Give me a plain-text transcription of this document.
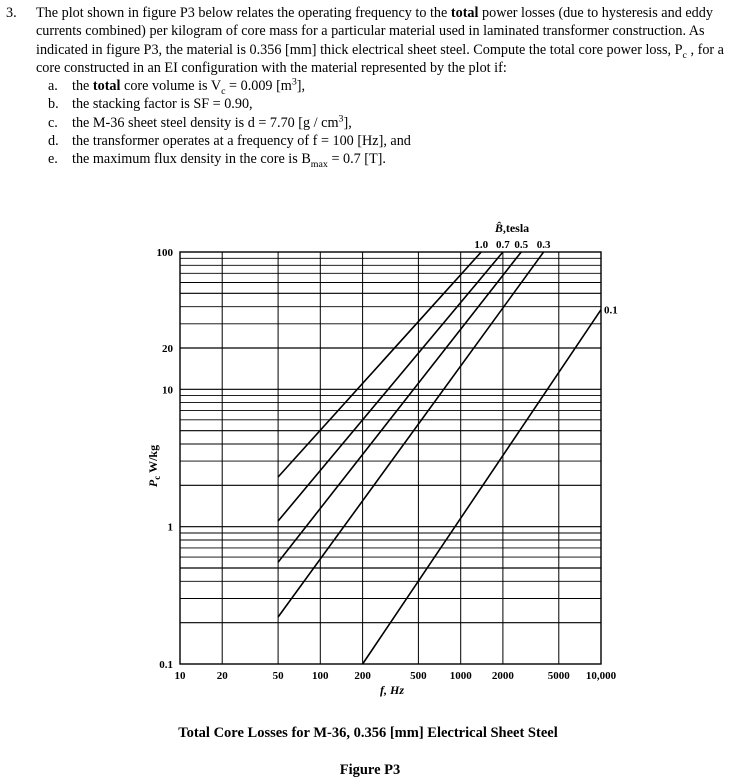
3. The plot shown in figure P3 below relates the operating frequency to the total power losses (due to hysteresis and eddy currents combined) per kilogram of core mass for a particular material used in laminated transformer construction. As indicated in figure P3, the material is 0.356 [mm] thick electrical sheet steel. Compute the total core power loss, $P_c$ , for a core constructed in an EI configuration with the material represented by the plot if:
a. the total core volume is $V_c = 0.009$ $[m^3]$,
b. the stacking factor is SF = 0.90,
c. the M-36 sheet steel density is d = 7.70 $[g / cm^3]$,
d. the transformer operates at a frequency of f = 100 [Hz], and
e. the maximum flux density in the core is $B_{max} = 0.7$ [T].
10	20	50	100 200	500 1000 2000	5000 10,000
0.1
1
10
20
100
1.0 0.7 0.5 0.3
0.1
B̂,tesla
f, Hz
$P_c$ W/kg
Total Core Losses for M-36, 0.356 [mm] Electrical Sheet Steel
Figure P3
